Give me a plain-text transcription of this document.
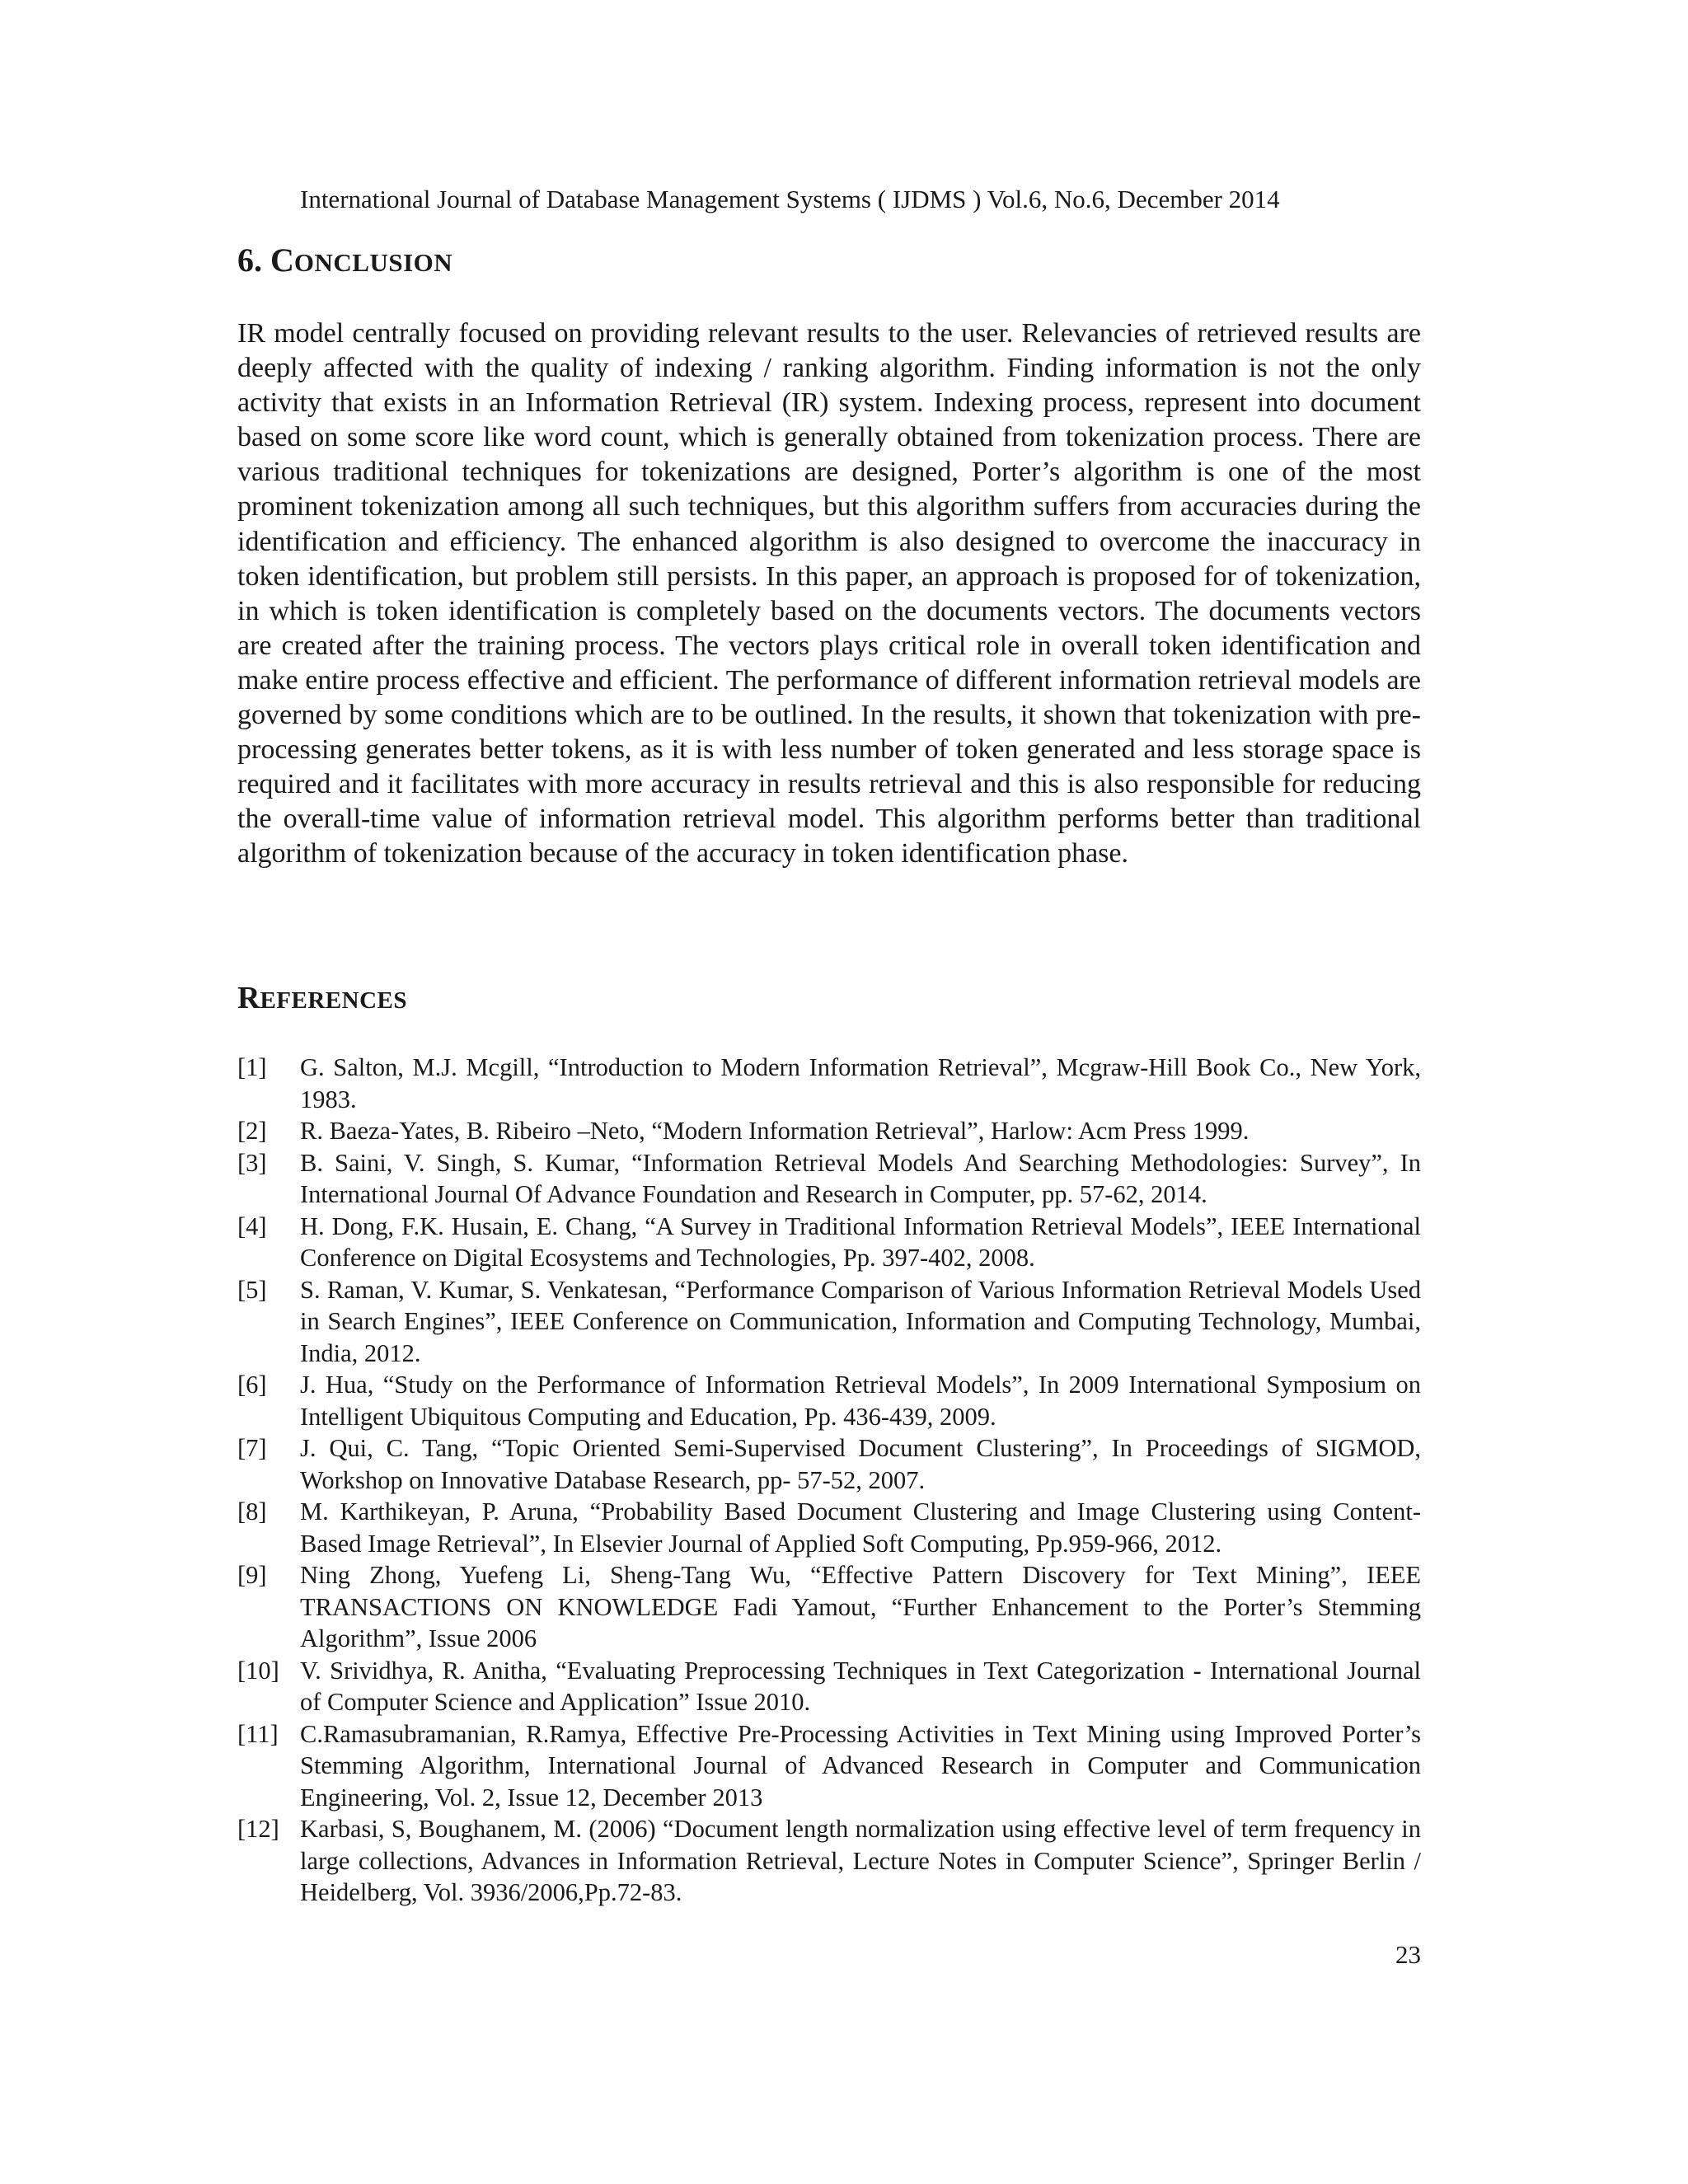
International Journal of Database Management Systems ( IJDMS ) Vol.6, No.6, December 2014
6. CONCLUSION

IR model centrally focused on providing relevant results to the user. Relevancies of retrieved results are deeply affected with the quality of indexing / ranking algorithm. Finding information is not the only activity that exists in an Information Retrieval (IR) system. Indexing process, represent into document based on some score like word count, which is generally obtained from tokenization process. There are various traditional techniques for tokenizations are designed, Porter’s algorithm is one of the most prominent tokenization among all such techniques, but this algorithm suffers from accuracies during the identification and efficiency. The enhanced algorithm is also designed to overcome the inaccuracy in token identification, but problem still persists. In this paper, an approach is proposed for of tokenization, in which is token identification is completely based on the documents vectors. The documents vectors are created after the training process. The vectors plays critical role in overall token identification and make entire process effective and efficient. The performance of different information retrieval models are governed by some conditions which are to be outlined. In the results, it shown that tokenization with pre-processing generates better tokens, as it is with less number of token generated and less storage space is required and it facilitates with more accuracy in results retrieval and this is also responsible for reducing the overall-time value of information retrieval model. This algorithm performs better than traditional algorithm of tokenization because of the accuracy in token identification phase.

REFERENCES
[1]	G. Salton, M.J. Mcgill, “Introduction to Modern Information Retrieval”, Mcgraw-Hill Book Co., New York, 1983.
[2]	R. Baeza-Yates, B. Ribeiro –Neto, “Modern Information Retrieval”, Harlow: Acm Press 1999.
[3]	B. Saini, V. Singh, S. Kumar, “Information Retrieval Models And Searching Methodologies: Survey”, In International Journal Of Advance Foundation and Research in Computer, pp. 57-62, 2014.
[4]	H. Dong, F.K. Husain, E. Chang, “A Survey in Traditional Information Retrieval Models”, IEEE International Conference on Digital Ecosystems and Technologies, Pp. 397-402, 2008.
[5]	S. Raman, V. Kumar, S. Venkatesan, “Performance Comparison of Various Information Retrieval Models Used in Search Engines”, IEEE Conference on Communication, Information and Computing Technology, Mumbai, India, 2012.
[6]	J. Hua, “Study on the Performance of Information Retrieval Models”, In 2009 International Symposium on Intelligent Ubiquitous Computing and Education, Pp. 436-439, 2009.
[7]	J. Qui, C. Tang, “Topic Oriented Semi-Supervised Document Clustering”, In Proceedings of SIGMOD, Workshop on Innovative Database Research, pp- 57-52, 2007.
[8]	M. Karthikeyan, P. Aruna, “Probability Based Document Clustering and Image Clustering using Content-Based Image Retrieval”, In Elsevier Journal of Applied Soft Computing, Pp.959-966, 2012.
[9]	Ning Zhong, Yuefeng Li, Sheng-Tang Wu, “Effective Pattern Discovery for Text Mining”, IEEE TRANSACTIONS ON KNOWLEDGE Fadi Yamout, “Further Enhancement to the Porter’s Stemming Algorithm”, Issue 2006
[10] V. Srividhya, R. Anitha, “Evaluating Preprocessing Techniques in Text Categorization - International Journal of Computer Science and Application” Issue 2010.
[11] C.Ramasubramanian, R.Ramya, Effective Pre-Processing Activities in Text Mining using Improved Porter’s Stemming Algorithm, International Journal of Advanced Research in Computer and Communication Engineering, Vol. 2, Issue 12, December 2013
[12] Karbasi, S, Boughanem, M. (2006) “Document length normalization using effective level of term frequency in large collections, Advances in Information Retrieval, Lecture Notes in Computer Science”, Springer Berlin / Heidelberg, Vol. 3936/2006,Pp.72-83.
23
